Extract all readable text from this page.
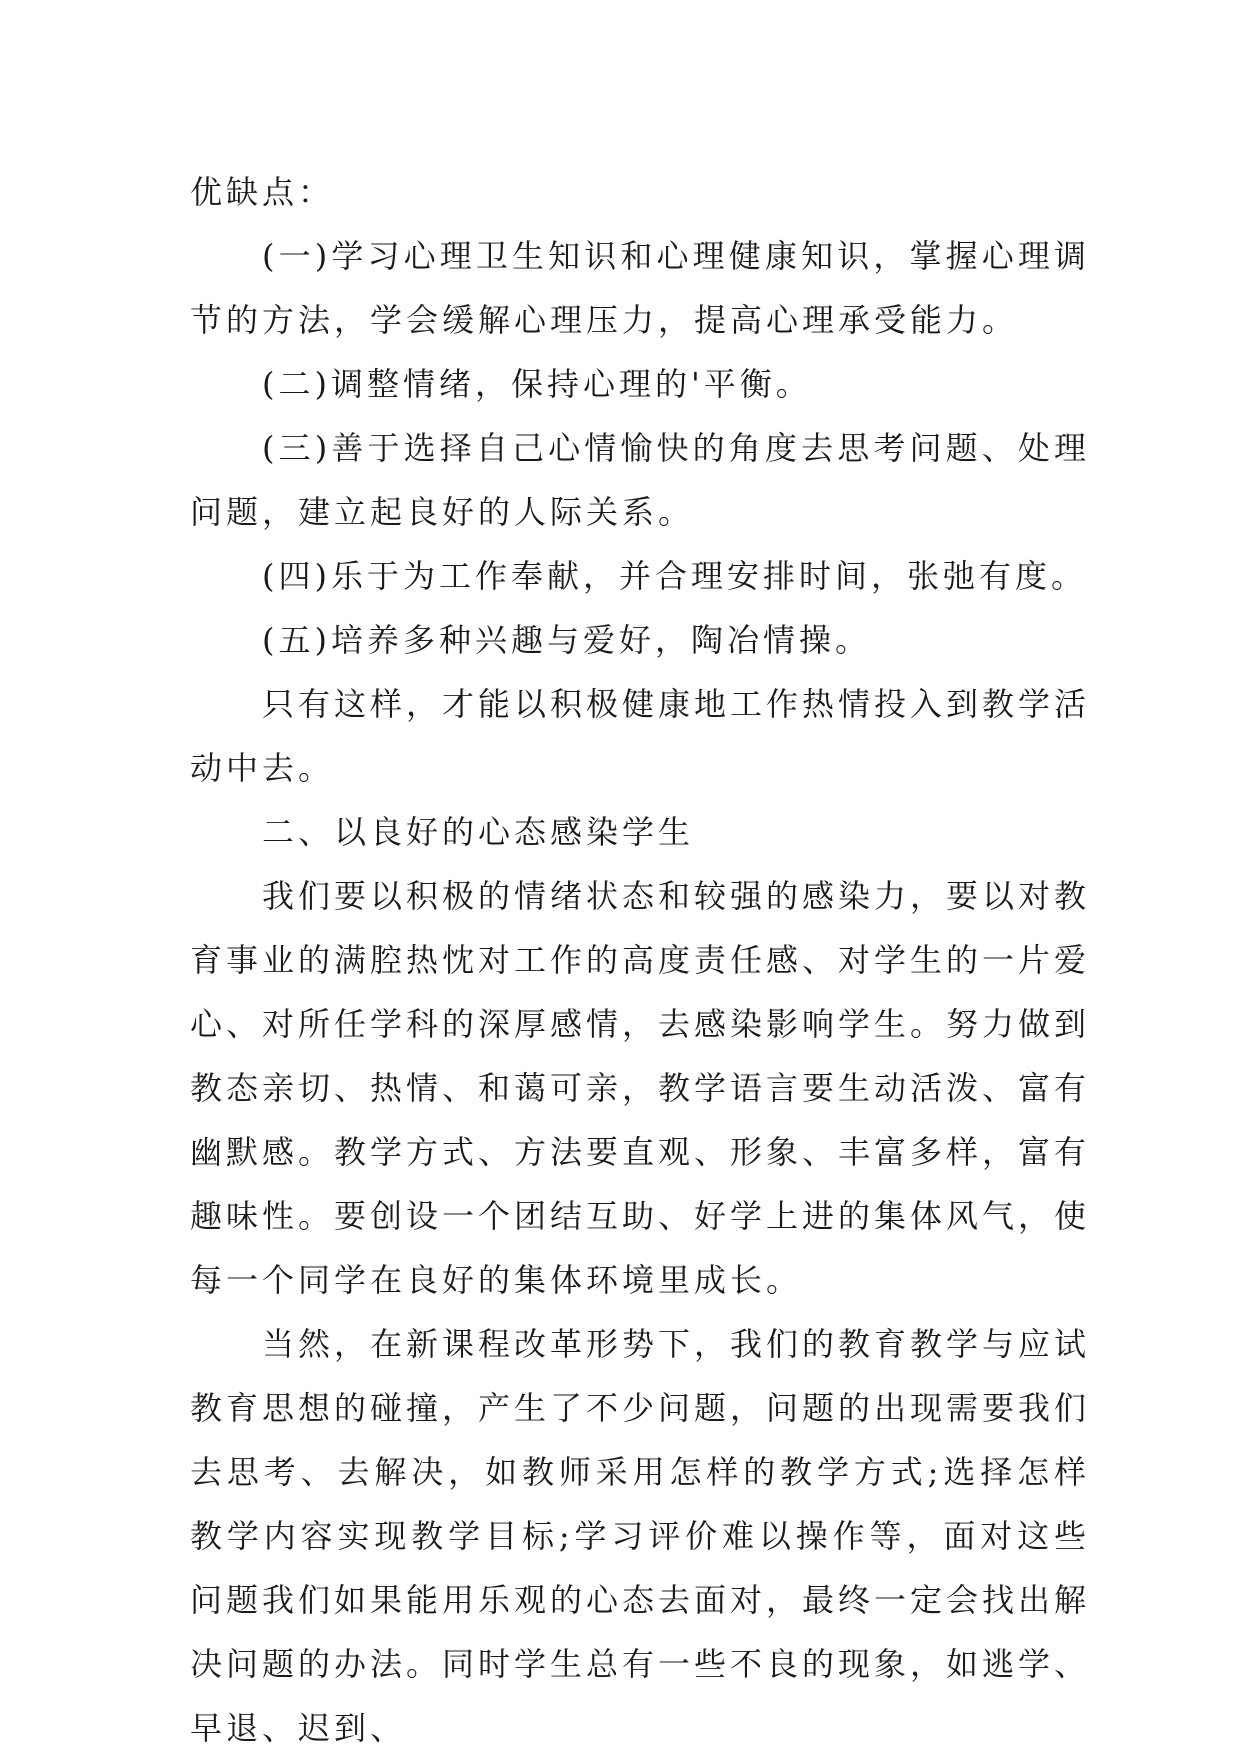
优缺点：

(一)学习心理卫生知识和心理健康知识，掌握心理调节的方法，学会缓解心理压力，提高心理承受能力。

(二)调整情绪，保持心理的'平衡。

(三)善于选择自己心情愉快的角度去思考问题、处理问题，建立起良好的人际关系。

(四)乐于为工作奉献，并合理安排时间，张弛有度。

(五)培养多种兴趣与爱好，陶冶情操。

只有这样，才能以积极健康地工作热情投入到教学活动中去。

二、以良好的心态感染学生

我们要以积极的情绪状态和较强的感染力，要以对教育事业的满腔热忱对工作的高度责任感、对学生的一片爱心、对所任学科的深厚感情，去感染影响学生。努力做到教态亲切、热情、和蔼可亲，教学语言要生动活泼、富有幽默感。教学方式、方法要直观、形象、丰富多样，富有趣味性。要创设一个团结互助、好学上进的集体风气，使每一个同学在良好的集体环境里成长。

当然，在新课程改革形势下，我们的教育教学与应试教育思想的碰撞，产生了不少问题，问题的出现需要我们去思考、去解决，如教师采用怎样的教学方式;选择怎样教学内容实现教学目标;学习评价难以操作等，面对这些问题我们如果能用乐观的心态去面对，最终一定会找出解决问题的办法。同时学生总有一些不良的现象，如逃学、早退、迟到、
